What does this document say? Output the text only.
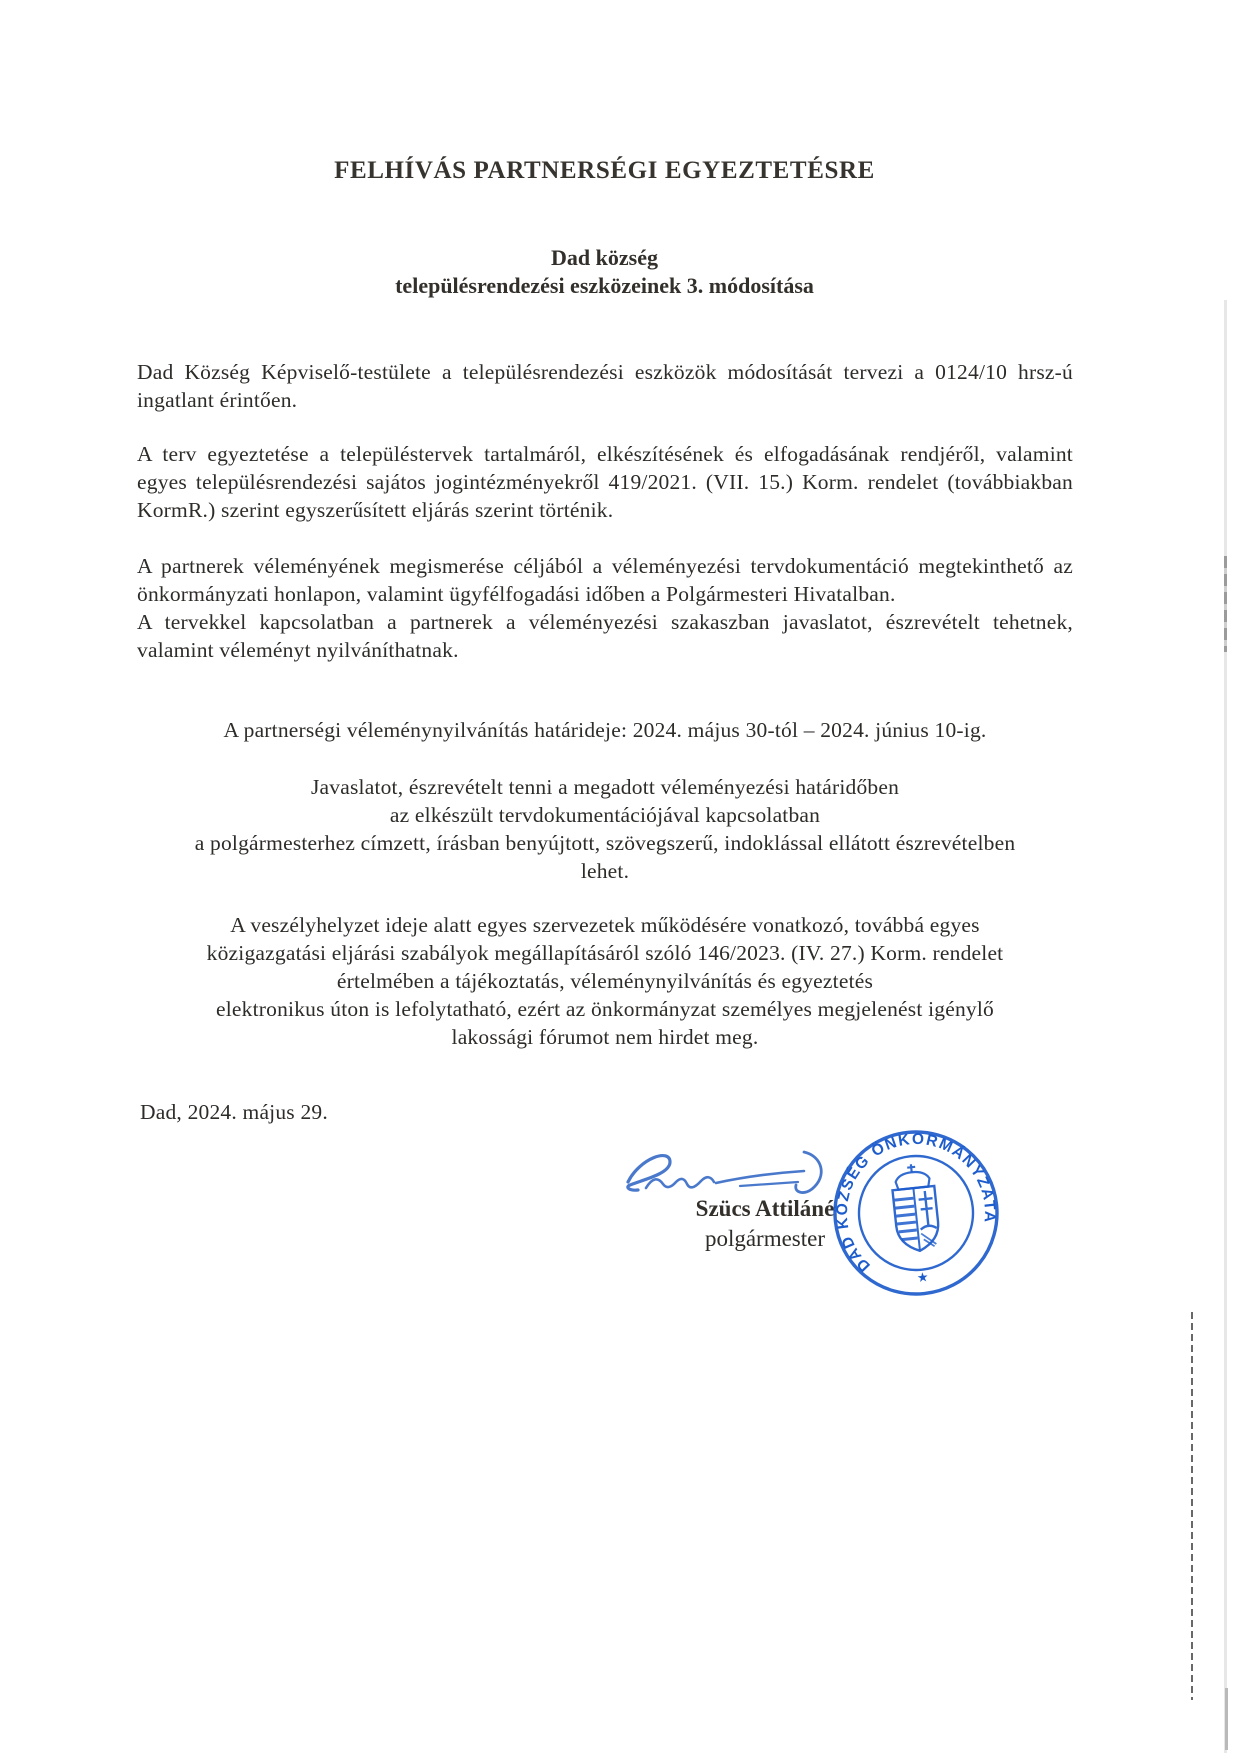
FELHÍVÁS PARTNERSÉGI EGYEZTETÉSRE
Dad község
településrendezési eszközeinek 3. módosítása

Dad Község Képviselő-testülete a településrendezési eszközök módosítását tervezi a 0124/10 hrsz-ú ingatlant érintően.

A terv egyeztetése a településtervek tartalmáról, elkészítésének és elfogadásának rendjéről, valamint egyes településrendezési sajátos jogintézményekről 419/2021. (VII. 15.) Korm. rendelet (továbbiakban KormR.) szerint egyszerűsített eljárás szerint történik.

A partnerek véleményének megismerése céljából a véleményezési tervdokumentáció megtekinthető az önkormányzati honlapon, valamint ügyfélfogadási időben a Polgármesteri Hivatalban.

A tervekkel kapcsolatban a partnerek a véleményezési szakaszban javaslatot, észrevételt tehetnek, valamint véleményt nyilváníthatnak.

A partnerségi véleménynyilvánítás határideje: 2024. május 30-tól – 2024. június 10-ig.

Javaslatot, észrevételt tenni a megadott véleményezési határidőben
az elkészült tervdokumentációjával kapcsolatban
a polgármesterhez címzett, írásban benyújtott, szövegszerű, indoklással ellátott észrevételben
lehet.
A veszélyhelyzet ideje alatt egyes szervezetek működésére vonatkozó, továbbá egyes
közigazgatási eljárási szabályok megállapításáról szóló 146/2023. (IV. 27.) Korm. rendelet
értelmében a tájékoztatás, véleménynyilvánítás és egyeztetés
elektronikus úton is lefolytatható, ezért az önkormányzat személyes megjelenést igénylő
lakossági fórumot nem hirdet meg.

Dad, 2024. május 29.

Szücs Attiláné
polgármester
DAD KÖZSÉG ÖNKORMÁNYZATA
★
